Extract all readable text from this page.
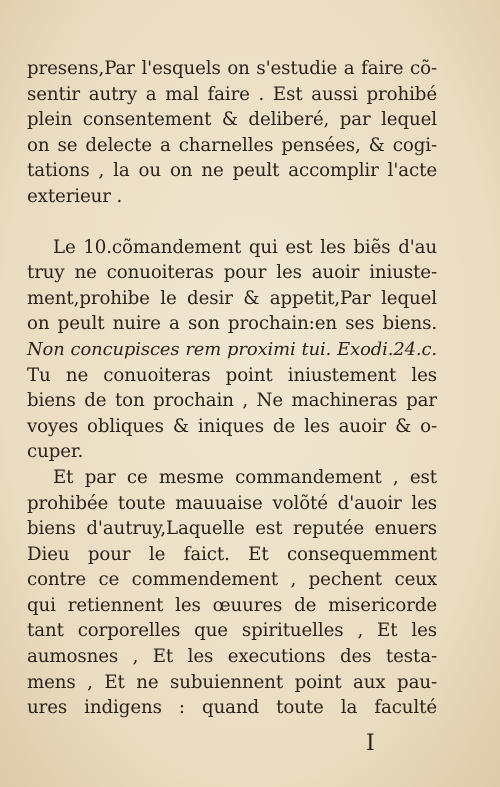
presens,Par l'esquels on s'estudie a faire cõ-
sentir autry a mal faire . Est aussi prohibé
plein consentement & deliberé, par lequel
on se delecte a charnelles pensées, & cogi-
tations , la ou on ne peult accomplir l'acte
exterieur .
Le 10.cõmandement qui est les biẽs d'au
truy ne conuoiteras pour les auoir iniuste-
ment,prohibe le desir & appetit,Par lequel
on peult nuire a son prochain:en ses biens.
Non concupisces rem proximi tui. Exodi.24.c.
Tu ne conuoiteras point iniustement les
biens de ton prochain , Ne machineras par
voyes obliques & iniques de les auoir & o-
cuper.
Et par ce mesme commandement , est
prohibée toute mauuaise volõté d'auoir les
biens d'autruy,Laquelle est reputée enuers
Dieu pour le faict. Et consequemment
contre ce commendement , pechent ceux
qui retiennent les œuures de misericorde
tant corporelles que spirituelles , Et les
aumosnes , Et les executions des testa-
mens , Et ne subuiennent point aux pau-
ures indigens : quand toute la faculté
I
